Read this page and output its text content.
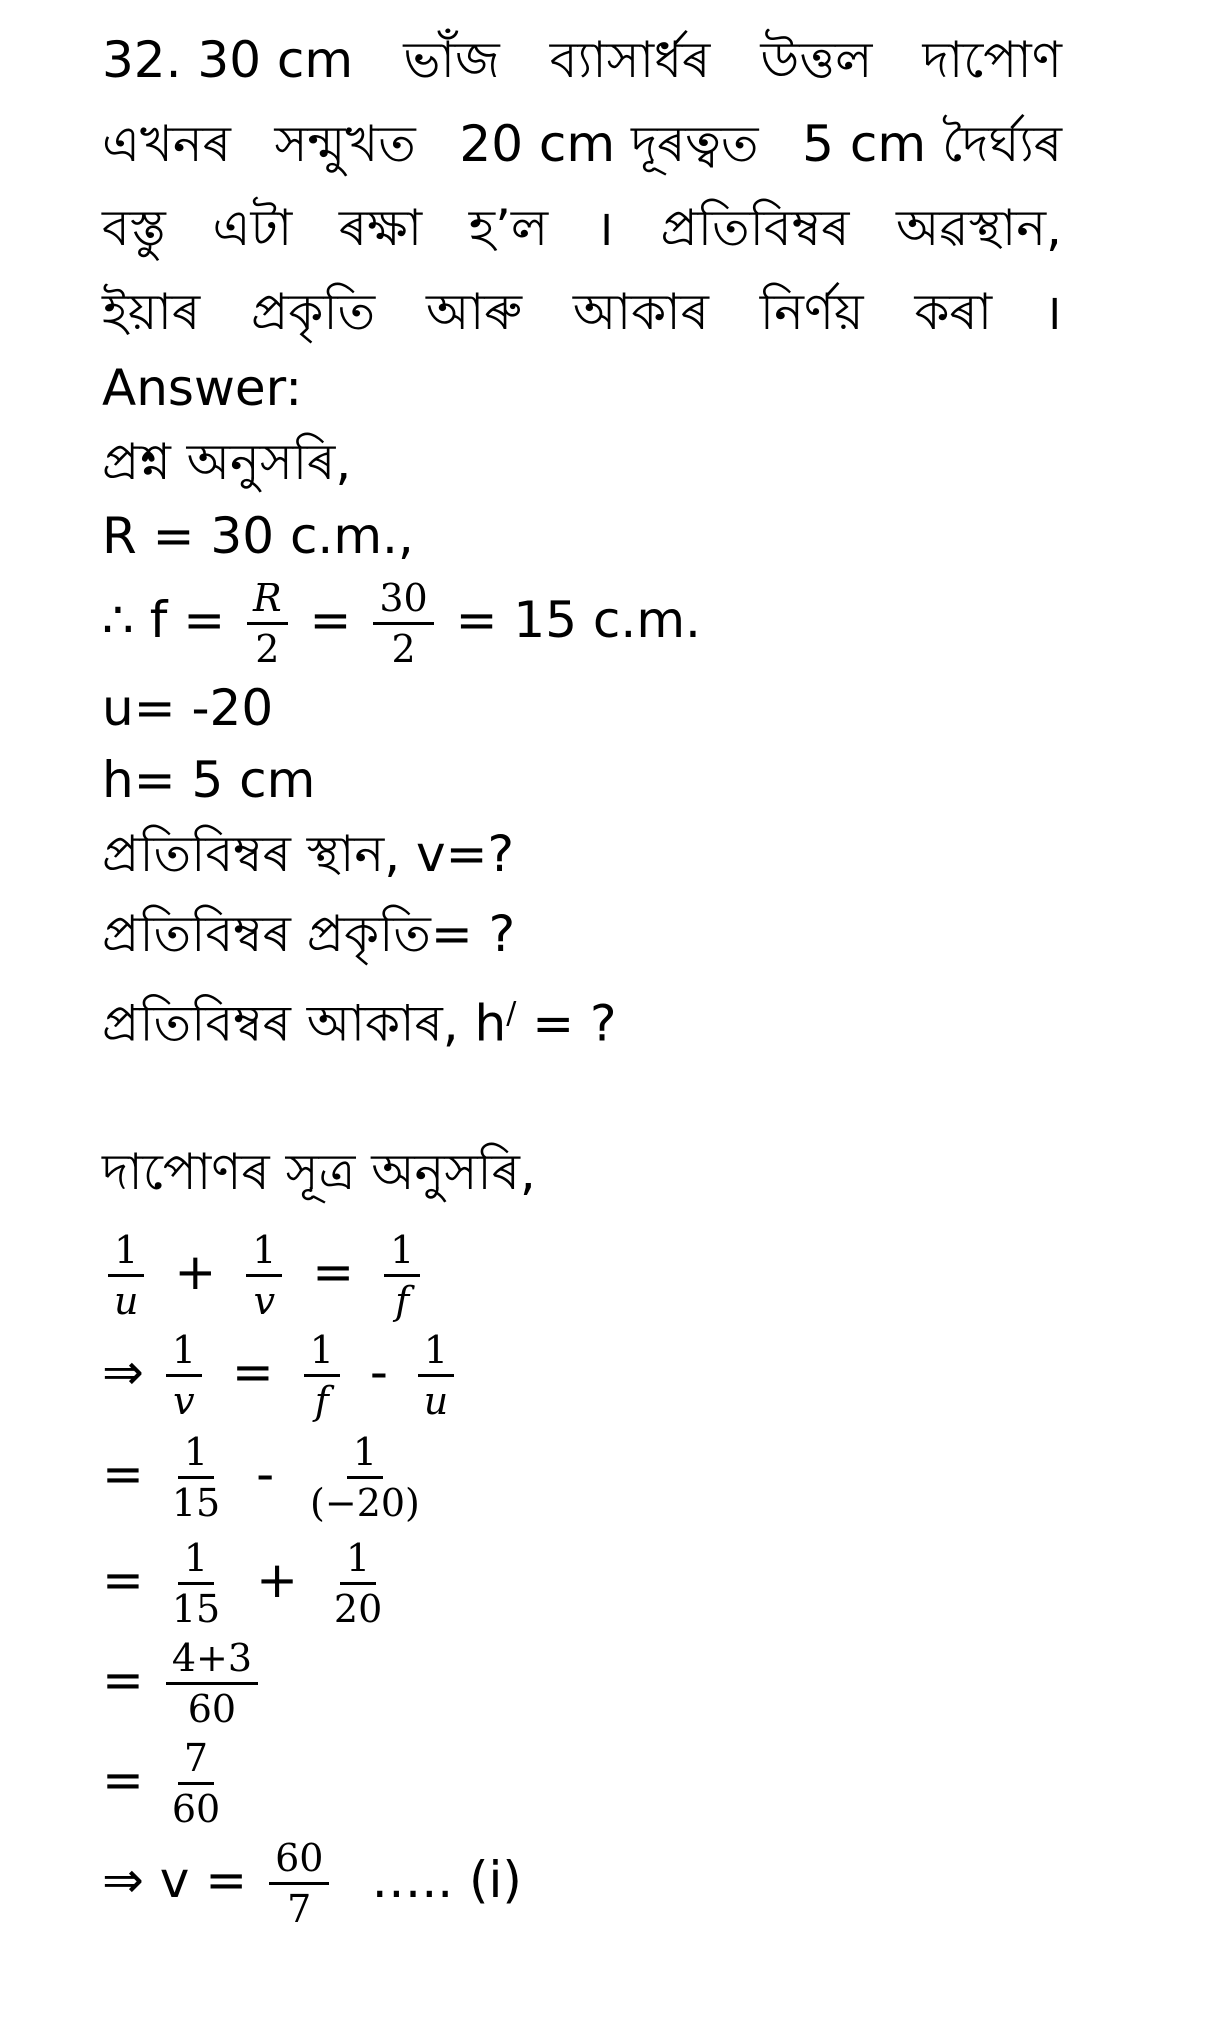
32. 30 cm ভাঁজ ব্যাসাৰ্ধৰ উত্তল দাপোণ
এখনৰ সন্মুখত 20 cm দূৰত্বত 5 cm দৈৰ্ঘ্যৰ
বস্তু এটা ৰক্ষা হ’ল । প্ৰতিবিম্বৰ অৱস্থান,
ইয়াৰ প্ৰকৃতি আৰু আকাৰ নিৰ্ণয় কৰা ।
Answer:
প্ৰশ্ন অনুসৰি,
R = 30 c.m.,
∴ $f = \frac{R}{2} = \frac{30}{2} = 15$ c.m.
u= -20
h= 5 cm
প্ৰতিবিম্বৰ স্থান, v=?
প্ৰতিবিম্বৰ প্ৰকৃতি= ?
প্ৰতিবিম্বৰ আকাৰ, h/ = ?
দাপোণৰ সূত্ৰ অনুসৰি,
$\frac{1}{u} + \frac{1}{v} = \frac{1}{f}$
⇒ $\frac{1}{v} = \frac{1}{f} - \frac{1}{u}$
= $\frac{1}{15} - \frac{1}{(-20)}$
= $\frac{1}{15} + \frac{1}{20}$
= $\frac{4+3}{60}$
= $\frac{7}{60}$
⇒ $v = \frac{60}{7}$ ….. (i)
